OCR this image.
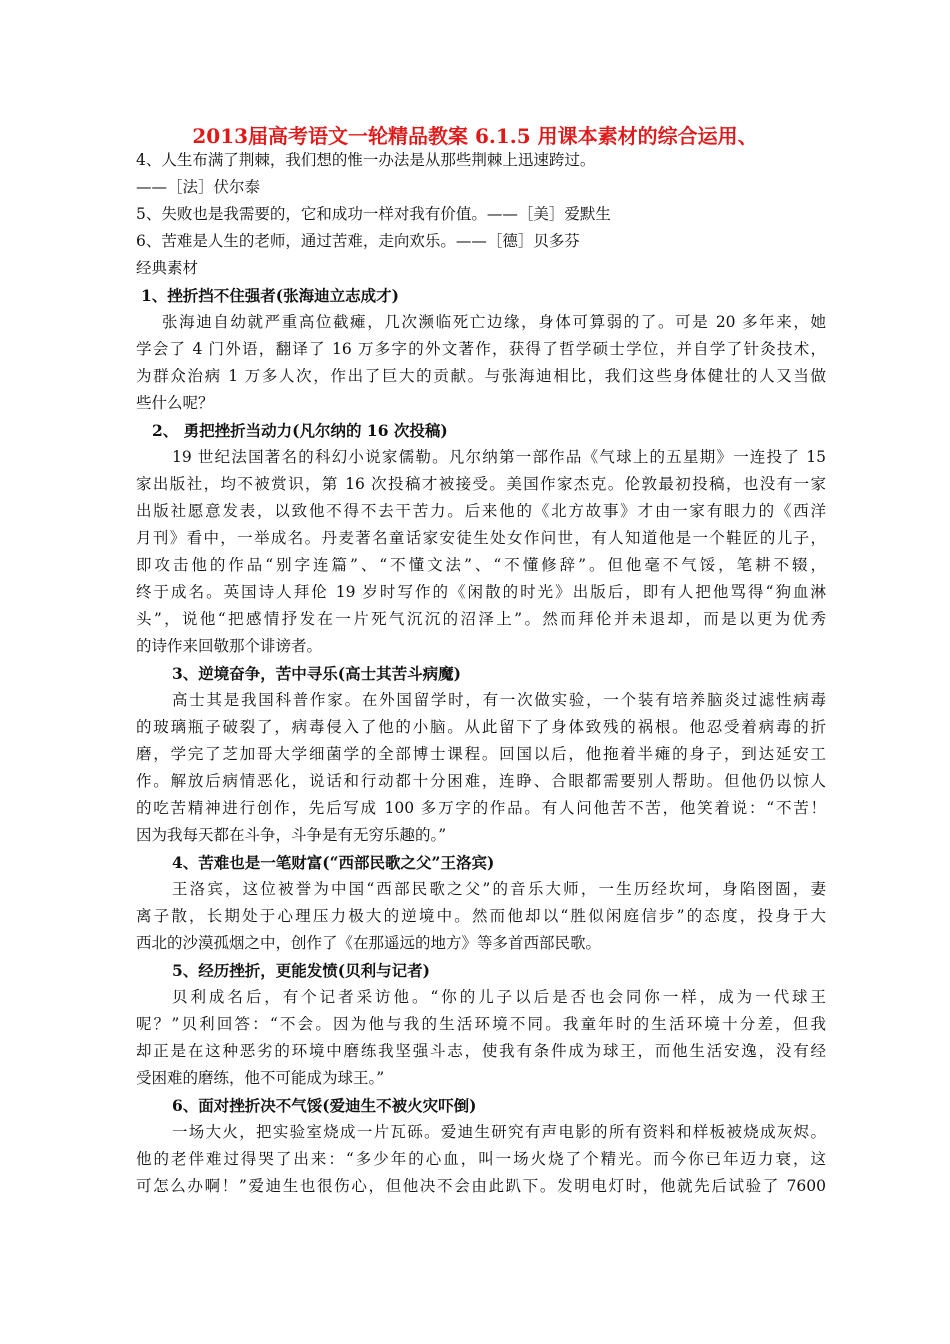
2013届高考语文一轮精品教案 6.1.5 用课本素材的综合运用、
4、人生布满了荆棘，我们想的惟一办法是从那些荆棘上迅速跨过。
——［法］伏尔泰
5、失败也是我需要的，它和成功一样对我有价值。——［美］爱默生
6、苦难是人生的老师，通过苦难，走向欢乐。——［德］贝多芬
经典素材
1、挫折挡不住强者(张海迪立志成才)
张海迪自幼就严重高位截瘫，几次濒临死亡边缘，身体可算弱的了。可是 20 多年来，她
学会了 4 门外语，翻译了 16 万多字的外文著作，获得了哲学硕士学位，并自学了针灸技术，
为群众治病 1 万多人次，作出了巨大的贡献。与张海迪相比，我们这些身体健壮的人又当做
些什么呢？
2、 勇把挫折当动力(凡尔纳的 16 次投稿)
19 世纪法国著名的科幻小说家儒勒。凡尔纳第一部作品《气球上的五星期》一连投了 15
家出版社，均不被赏识，第 16 次投稿才被接受。美国作家杰克。伦敦最初投稿，也没有一家
出版社愿意发表，以致他不得不去干苦力。后来他的《北方故事》才由一家有眼力的《西洋
月刊》看中，一举成名。丹麦著名童话家安徒生处女作问世，有人知道他是一个鞋匠的儿子，
即攻击他的作品“别字连篇”、“不懂文法”、“不懂修辞”。但他毫不气馁，笔耕不辍，
终于成名。英国诗人拜伦 19 岁时写作的《闲散的时光》出版后，即有人把他骂得“狗血淋
头”，说他“把感情抒发在一片死气沉沉的沼泽上”。然而拜伦并未退却，而是以更为优秀
的诗作来回敬那个诽谤者。
3、逆境奋争，苦中寻乐(高士其苦斗病魔)
高士其是我国科普作家。在外国留学时，有一次做实验，一个装有培养脑炎过滤性病毒
的玻璃瓶子破裂了，病毒侵入了他的小脑。从此留下了身体致残的祸根。他忍受着病毒的折
磨，学完了芝加哥大学细菌学的全部博士课程。回国以后，他拖着半瘫的身子，到达延安工
作。解放后病情恶化，说话和行动都十分困难，连睁、合眼都需要别人帮助。但他仍以惊人
的吃苦精神进行创作，先后写成 100 多万字的作品。有人问他苦不苦，他笑着说：“不苦！
因为我每天都在斗争，斗争是有无穷乐趣的。”
4、苦难也是一笔财富(“西部民歌之父”王洛宾)
王洛宾，这位被誉为中国“西部民歌之父”的音乐大师，一生历经坎坷，身陷囹圄，妻
离子散，长期处于心理压力极大的逆境中。然而他却以“胜似闲庭信步”的态度，投身于大
西北的沙漠孤烟之中，创作了《在那遥远的地方》等多首西部民歌。
5、经历挫折，更能发愤(贝利与记者)
贝利成名后，有个记者采访他。“你的儿子以后是否也会同你一样，成为一代球王
呢？”贝利回答：“不会。因为他与我的生活环境不同。我童年时的生活环境十分差，但我
却正是在这种恶劣的环境中磨练我坚强斗志，使我有条件成为球王，而他生活安逸，没有经
受困难的磨练，他不可能成为球王。”
6、面对挫折决不气馁(爱迪生不被火灾吓倒)
一场大火，把实验室烧成一片瓦砾。爱迪生研究有声电影的所有资料和样板被烧成灰烬。
他的老伴难过得哭了出来：“多少年的心血，叫一场火烧了个精光。而今你已年迈力衰，这
可怎么办啊！”爱迪生也很伤心，但他决不会由此趴下。发明电灯时，他就先后试验了 7600
